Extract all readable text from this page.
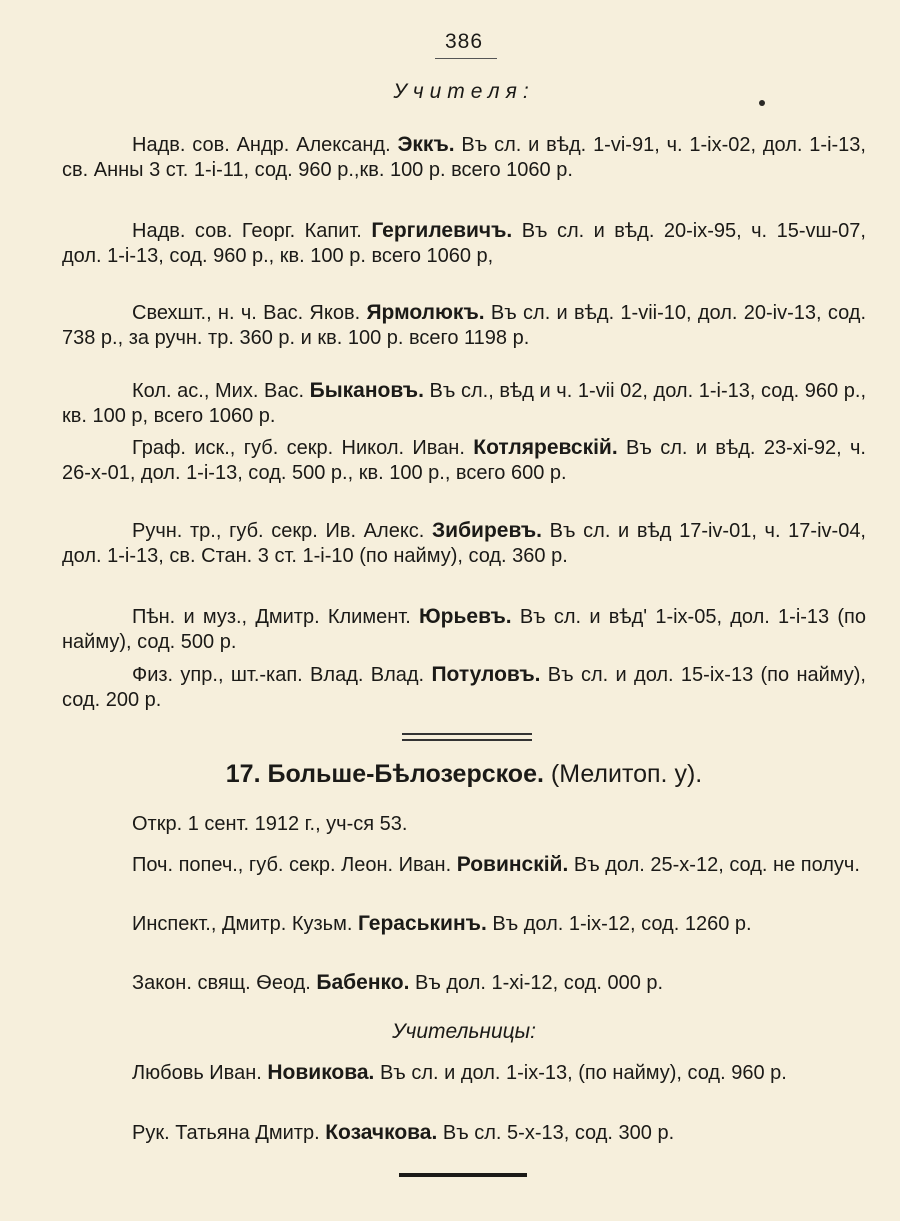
386
Учителя:

Надв. сов. Андр. Александ. Эккъ. Въ сл. и вѣд. 1-vi-91, ч. 1-ix-02, дол. 1-i-13, св. Анны 3 ст. 1-i-11, сод. 960 р.,кв. 100 р. всего 1060 р.

Надв. сов. Георг. Капит. Гергилевичъ. Въ сл. и вѣд. 20-ix-95, ч. 15-vш-07, дол. 1-i-13, сод. 960 р., кв. 100 р. всего 1060 р,

Свехшт., н. ч. Вас. Яков. Ярмолюкъ. Въ сл. и вѣд. 1-vii-10, дол. 20-iv-13, сод. 738 р., за ручн. тр. 360 р. и кв. 100 р. всего 1198 р.

Кол. ас., Мих. Вас. Быкановъ. Въ сл., вѣд и ч. 1-vii 02, дол. 1-i-13, сод. 960 р., кв. 100 р, всего 1060 р.

Граф. иск., губ. секр. Никол. Иван. Котляревскій. Въ сл. и вѣд. 23-xi-92, ч. 26-x-01, дол. 1-i-13, сод. 500 р., кв. 100 р., всего 600 р.

Ручн. тр., губ. секр. Ив. Алекс. Зибиревъ. Въ сл. и вѣд 17-iv-01, ч. 17-iv-04, дол. 1-i-13, св. Стан. 3 ст. 1-i-10 (по найму), сод. 360 р.

Пѣн. и муз., Дмитр. Климент. Юрьевъ. Въ сл. и вѣд' 1-ix-05, дол. 1-i-13 (по найму), сод. 500 р.

Физ. упр., шт.-кап. Влад. Влад. Потуловъ. Въ сл. и дол. 15-ix-13 (по найму), сод. 200 р.

17. Больше-Бѣлозерское. (Мелитоп. у).

Откр. 1 сент. 1912 г., уч-ся 53.

Поч. попеч., губ. секр. Леон. Иван. Ровинскій. Въ дол. 25-x-12, сод. не получ.

Инспект., Дмитр. Кузьм. Гераськинъ. Въ дол. 1-ix-12, сод. 1260 р.

Закон. свящ. Ѳеод. Бабенко. Въ дол. 1-xi-12, сод. 000 р.

Учительницы:

Любовь Иван. Новикова. Въ сл. и дол. 1-ix-13, (по найму), сод. 960 р.

Рук. Татьяна Дмитр. Козачкова. Въ сл. 5-x-13, сод. 300 р.
